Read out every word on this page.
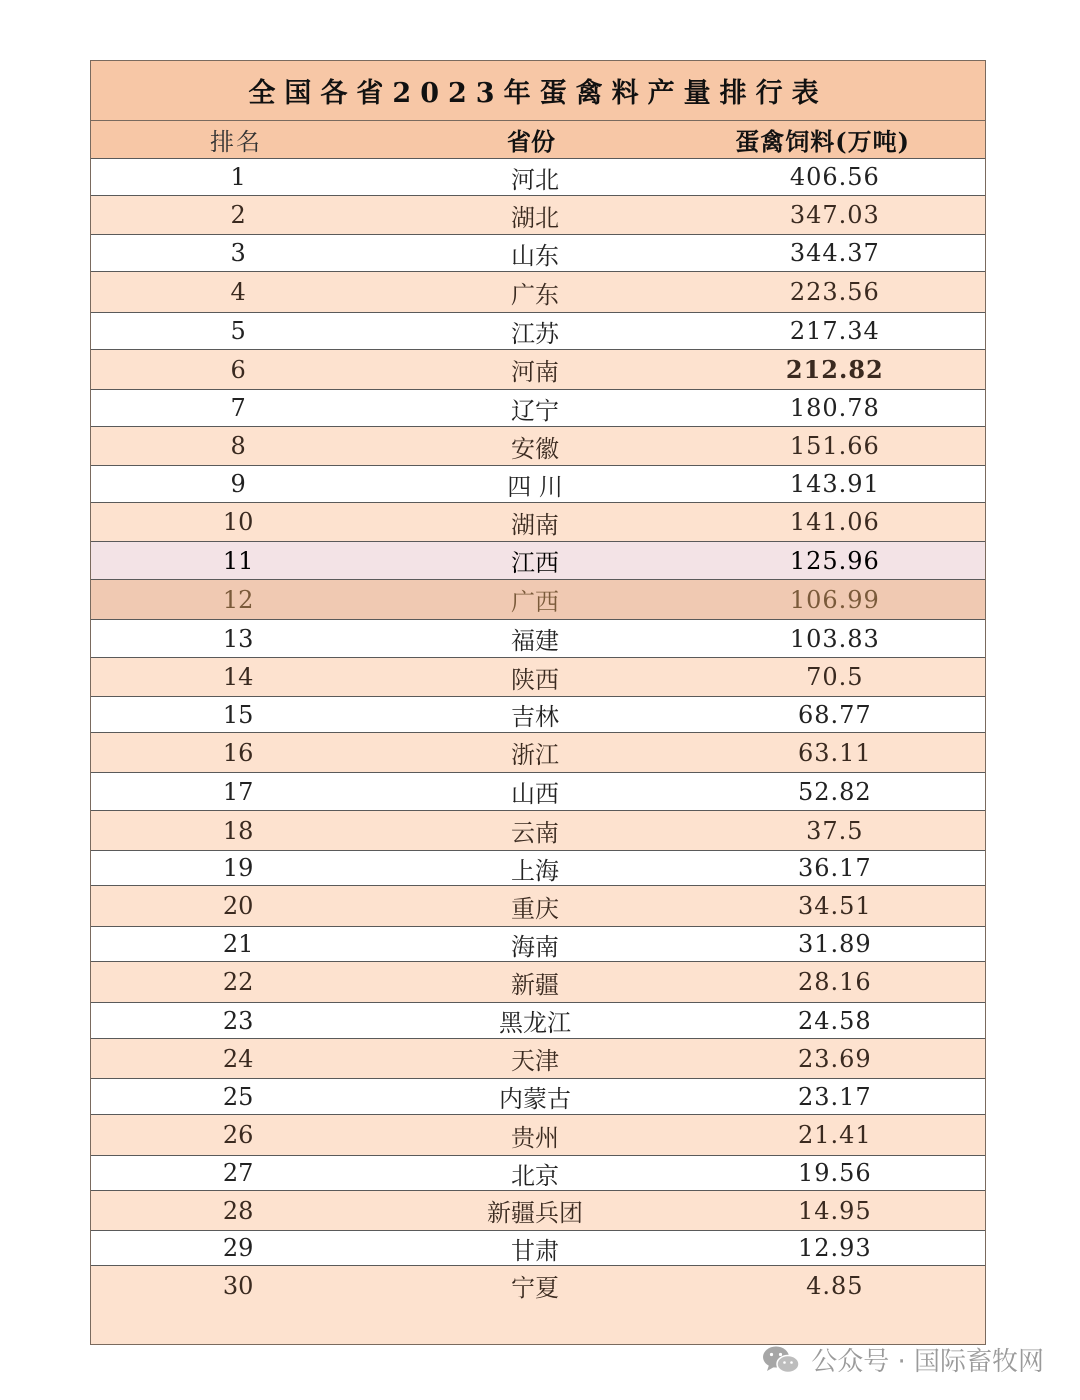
全国各省2023年蛋禽料产量排行表
排名	省份	蛋禽饲料(万吨)
1	河北	406.56
2	湖北	347.03
3	山东	344.37
4	广东	223.56
5	江苏	217.34
6	河南	212.82
7	辽宁	180.78
8	安徽	151.66
9	四 川	143.91
10	湖南	141.06
11	江西	125.96
12	广西	106.99
13	福建	103.83
14	陕西	70.5
15	吉林	68.77
16	浙江	63.11
17	山西	52.82
18	云南	37.5
19	上海	36.17
20	重庆	34.51
21	海南	31.89
22	新疆	28.16
23	黑龙江	24.58
24	天津	23.69
25	内蒙古	23.17
26	贵州	21.41
27	北京	19.56
28	新疆兵团	14.95
29	甘肃	12.93
30	宁夏	4.85
公众号 · 国际畜牧网
